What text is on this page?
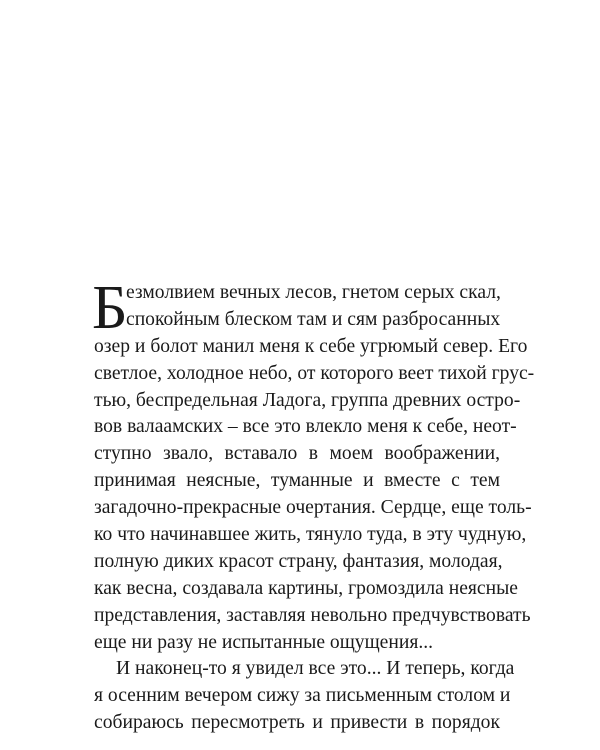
Б
езмолвием вечных лесов, гнетом серых скал,
спокойным блеском там и сям разбросанных
озер и болот манил меня к себе угрюмый север. Его
светлое, холодное небо, от которого веет тихой грус-
тью, беспредельная Ладога, группа древних остро-
вов валаамских – все это влекло меня к себе, неот-
ступно звало, вставало в моем воображении,
принимая неясные, туманные и вместе с тем
загадочно-прекрасные очертания. Сердце, еще толь-
ко что начинавшее жить, тянуло туда, в эту чудную,
полную диких красот страну, фантазия, молодая,
как весна, создавала картины, громоздила неясные
представления, заставляя невольно предчувствовать
еще ни разу не испытанные ощущения...
И наконец-то я увидел все это... И теперь, когда
я осенним вечером сижу за письменным столом и
собираюсь пересмотреть и привести в порядок
